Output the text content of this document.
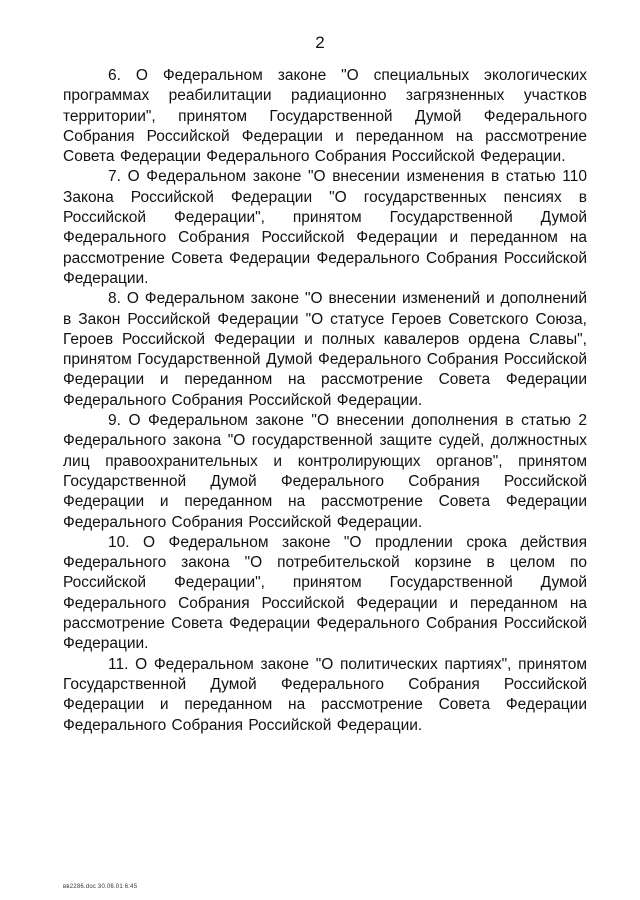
2

6. О Федеральном законе "О специальных экологических программах реабилитации радиационно загрязненных участков территории", принятом Государственной Думой Федерального Собрания Российской Федерации и переданном на рассмотрение Совета Федерации Федерального Собрания Российской Федерации.

7. О Федеральном законе "О внесении изменения в статью 110 Закона Российской Федерации "О государственных пенсиях в Российской Федерации", принятом Государственной Думой Федерального Собрания Российской Федерации и переданном на рассмотрение Совета Федерации Федерального Собрания Российской Федерации.

8. О Федеральном законе "О внесении изменений и дополнений в Закон Российской Федерации "О статусе Героев Советского Союза, Героев Российской Федерации и полных кавалеров ордена Славы", принятом Государственной Думой Федерального Собрания Российской Федерации и переданном на рассмотрение Совета Федерации Федерального Собрания Российской Федерации.

9. О Федеральном законе "О внесении дополнения в статью 2 Федерального закона "О государственной защите судей, должностных лиц правоохранительных и контролирующих органов", принятом Государственной Думой Федерального Собрания Российской Федерации и переданном на рассмотрение Совета Федерации Федерального Собрания Российской Федерации.

10. О Федеральном законе "О продлении срока действия Федерального закона "О потребительской корзине в целом по Российской Федерации", принятом Государственной Думой Федерального Собрания Российской Федерации и переданном на рассмотрение Совета Федерации Федерального Собрания Российской Федерации.

11. О Федеральном законе "О политических партиях", принятом Государственной Думой Федерального Собрания Российской Федерации и переданном на рассмотрение Совета Федерации Федерального Собрания Российской Федерации.

вв2286.doc 30.06.01 6:45
